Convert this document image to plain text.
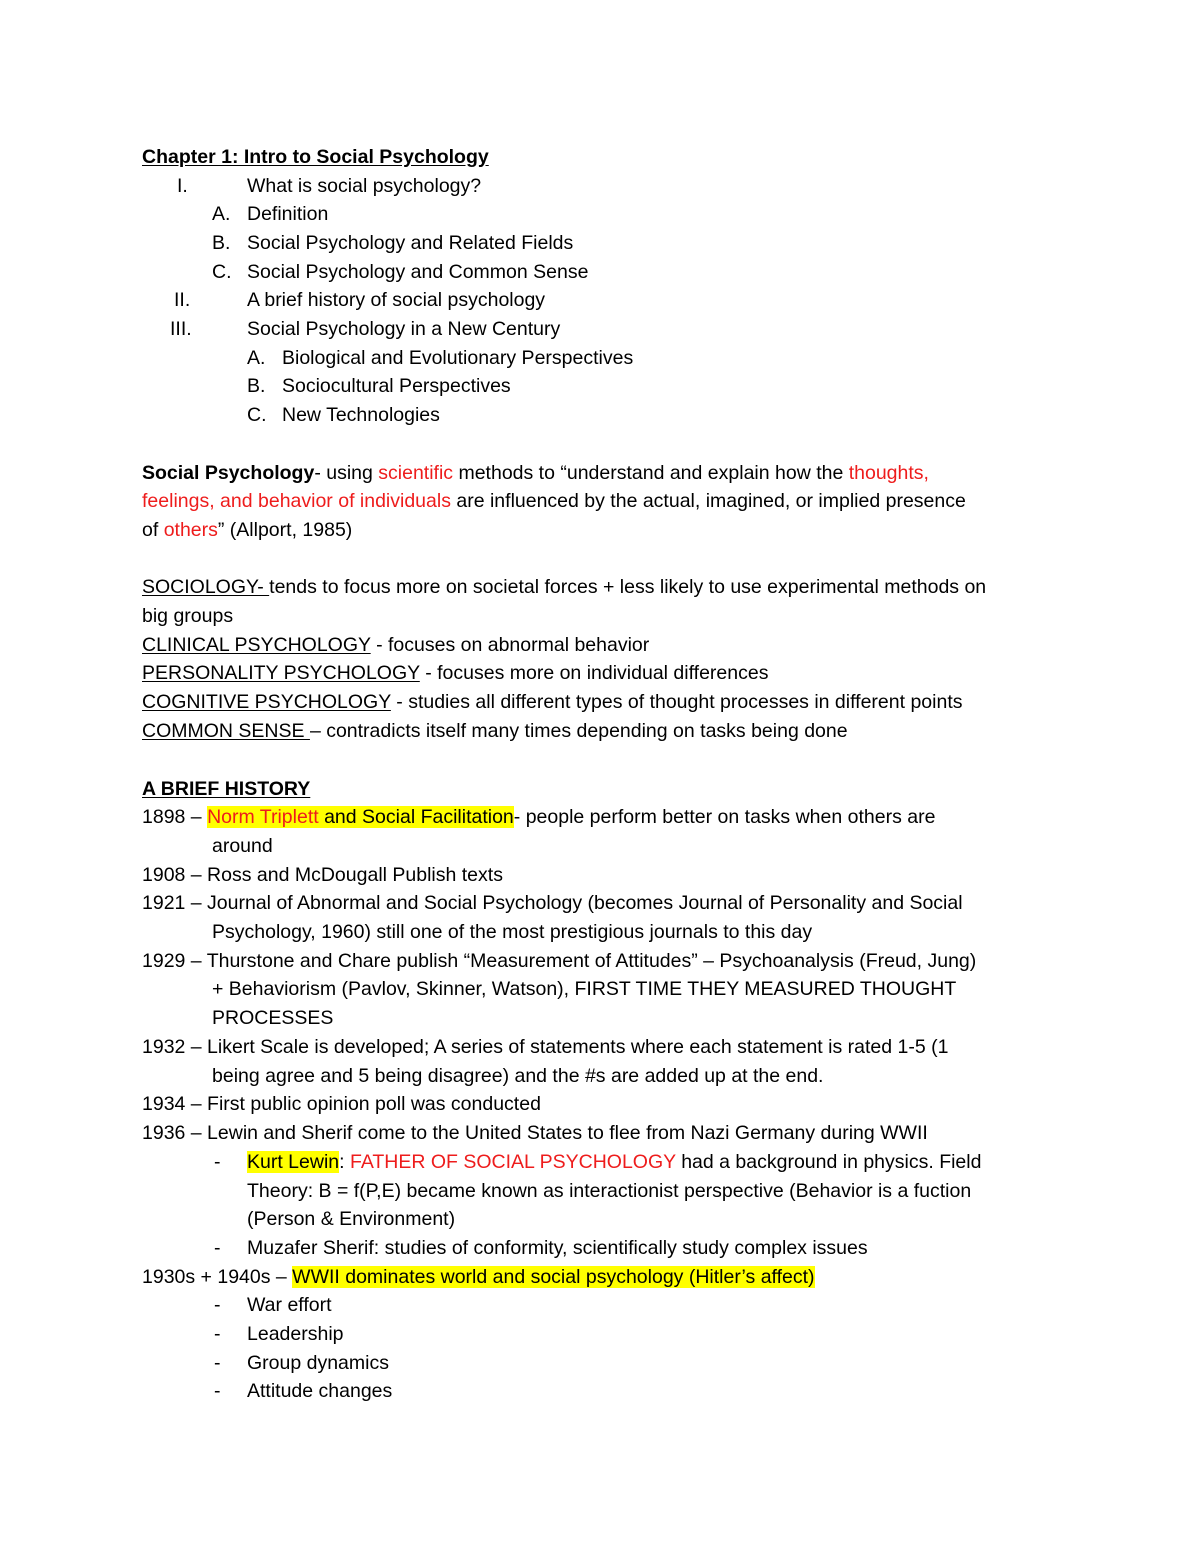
Chapter 1: Intro to Social Psychology
I.	What is social psychology?
A. Definition
B. Social Psychology and Related Fields
C. Social Psychology and Common Sense
II.	A brief history of social psychology
III.	Social Psychology in a New Century
A. Biological and Evolutionary Perspectives
B. Sociocultural Perspectives
C. New Technologies
Social Psychology- using scientific methods to “understand and explain how the thoughts,
feelings, and behavior of individuals are influenced by the actual, imagined, or implied presence
of others” (Allport, 1985)
SOCIOLOGY- tends to focus more on societal forces + less likely to use experimental methods on
big groups
CLINICAL PSYCHOLOGY - focuses on abnormal behavior
PERSONALITY PSYCHOLOGY - focuses more on individual differences
COGNITIVE PSYCHOLOGY - studies all different types of thought processes in different points
COMMON SENSE – contradicts itself many times depending on tasks being done
A BRIEF HISTORY
1898 – Norm Triplett and Social Facilitation- people perform better on tasks when others are
around
1908 – Ross and McDougall Publish texts
1921 – Journal of Abnormal and Social Psychology (becomes Journal of Personality and Social
Psychology, 1960) still one of the most prestigious journals to this day
1929 – Thurstone and Chare publish “Measurement of Attitudes” – Psychoanalysis (Freud, Jung)
+ Behaviorism (Pavlov, Skinner, Watson), FIRST TIME THEY MEASURED THOUGHT
PROCESSES
1932 – Likert Scale is developed; A series of statements where each statement is rated 1-5 (1
being agree and 5 being disagree) and the #s are added up at the end.
1934 – First public opinion poll was conducted
1936 – Lewin and Sherif come to the United States to flee from Nazi Germany during WWII
- Kurt Lewin: FATHER OF SOCIAL PSYCHOLOGY had a background in physics. Field
Theory: B = f(P,E) became known as interactionist perspective (Behavior is a fuction
(Person & Environment)
- Muzafer Sherif: studies of conformity, scientifically study complex issues
1930s + 1940s – WWII dominates world and social psychology (Hitler’s affect)
- War effort
- Leadership
- Group dynamics
- Attitude changes
